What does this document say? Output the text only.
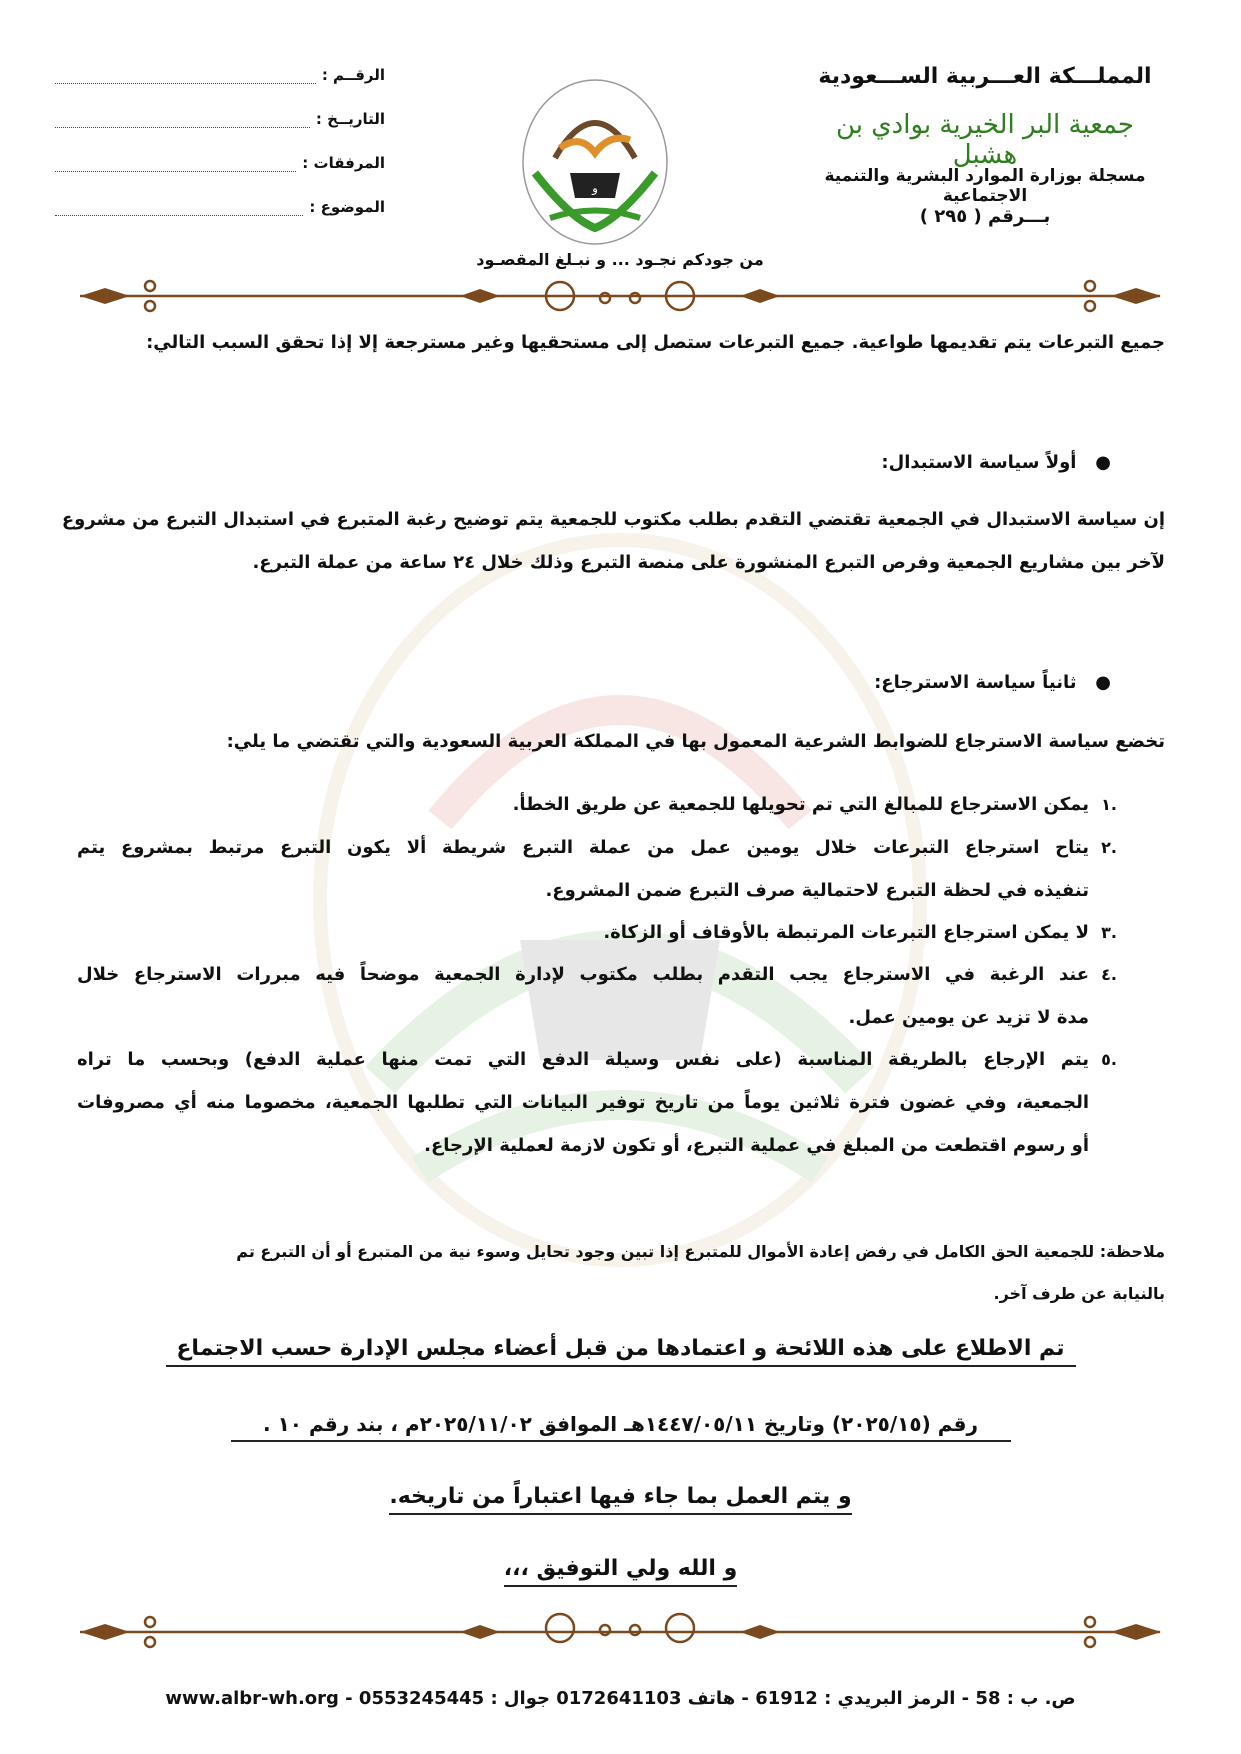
المملـــكة العـــربية الســـعودية
جمعية البر الخيرية بوادي بن هشبل
مسجلة بوزارة الموارد البشرية والتنمية الاجتماعية
بـــرقم ( ٢٩٥ )
و
من جودكم نجـود ... و نبـلغ المقصـود
الرقــم :
التاريــخ :
المرفقات :
الموضوع :
جميع التبرعات يتم تقديمها طواعية. جميع التبرعات ستصل إلى مستحقيها وغير مسترجعة إلا إذا تحقق السبب التالي:
●   أولاً سياسة الاستبدال:
إن سياسة الاستبدال في الجمعية تقتضي التقدم بطلب مكتوب للجمعية يتم توضيح رغبة المتبرع في استبدال التبرع من مشروع
لآخر بين مشاريع الجمعية وفرص التبرع المنشورة على منصة التبرع وذلك خلال ٢٤ ساعة من عملة التبرع.
●   ثانياً سياسة الاسترجاع:
تخضع سياسة الاسترجاع للضوابط الشرعية المعمول بها في المملكة العربية السعودية والتي تقتضي ما يلي:
١.
يمكن الاسترجاع للمبالغ التي تم تحويلها للجمعية عن طريق الخطأ.
٢.
يتاح استرجاع التبرعات خلال يومين عمل من عملة التبرع شريطة ألا يكون التبرع مرتبط بمشروع يتم
تنفيذه في لحظة التبرع لاحتمالية صرف التبرع ضمن المشروع.
٣.
لا يمكن استرجاع التبرعات المرتبطة بالأوقاف أو الزكاة.
٤.
عند الرغبة في الاسترجاع يجب التقدم بطلب مكتوب لإدارة الجمعية موضحاً فيه مبررات الاسترجاع خلال
مدة لا تزيد عن يومين عمل.
٥.
يتم الإرجاع بالطريقة المناسبة (على نفس وسيلة الدفع التي تمت منها عملية الدفع) وبحسب ما تراه
الجمعية، وفي غضون فترة ثلاثين يوماً من تاريخ توفير البيانات التي تطلبها الجمعية، مخصوما منه أي مصروفات
أو رسوم اقتطعت من المبلغ في عملية التبرع، أو تكون لازمة لعملية الإرجاع.
ملاحظة: للجمعية الحق الكامل في رفض إعادة الأموال للمتبرع إذا تبين وجود تحايل وسوء نية من المتبرع أو أن التبرع تم
بالنيابة عن طرف آخر.
تم الاطلاع على هذه اللائحة و اعتمادها من قبل أعضاء مجلس الإدارة حسب الاجتماع
رقم (٢٠٢٥/١٥) وتاريخ ١٤٤٧/٠٥/١١هـ الموافق ٢٠٢٥/١١/٠٢م ، بند رقم ١٠ .
و يتم العمل بما جاء فيها اعتباراً من تاريخه.
و الله ولي التوفيق ،،،
ص. ب : 58 - الرمز البريدي : 61912 - هاتف 0172641103 جوال : 0553245445 - www.albr-wh.org
